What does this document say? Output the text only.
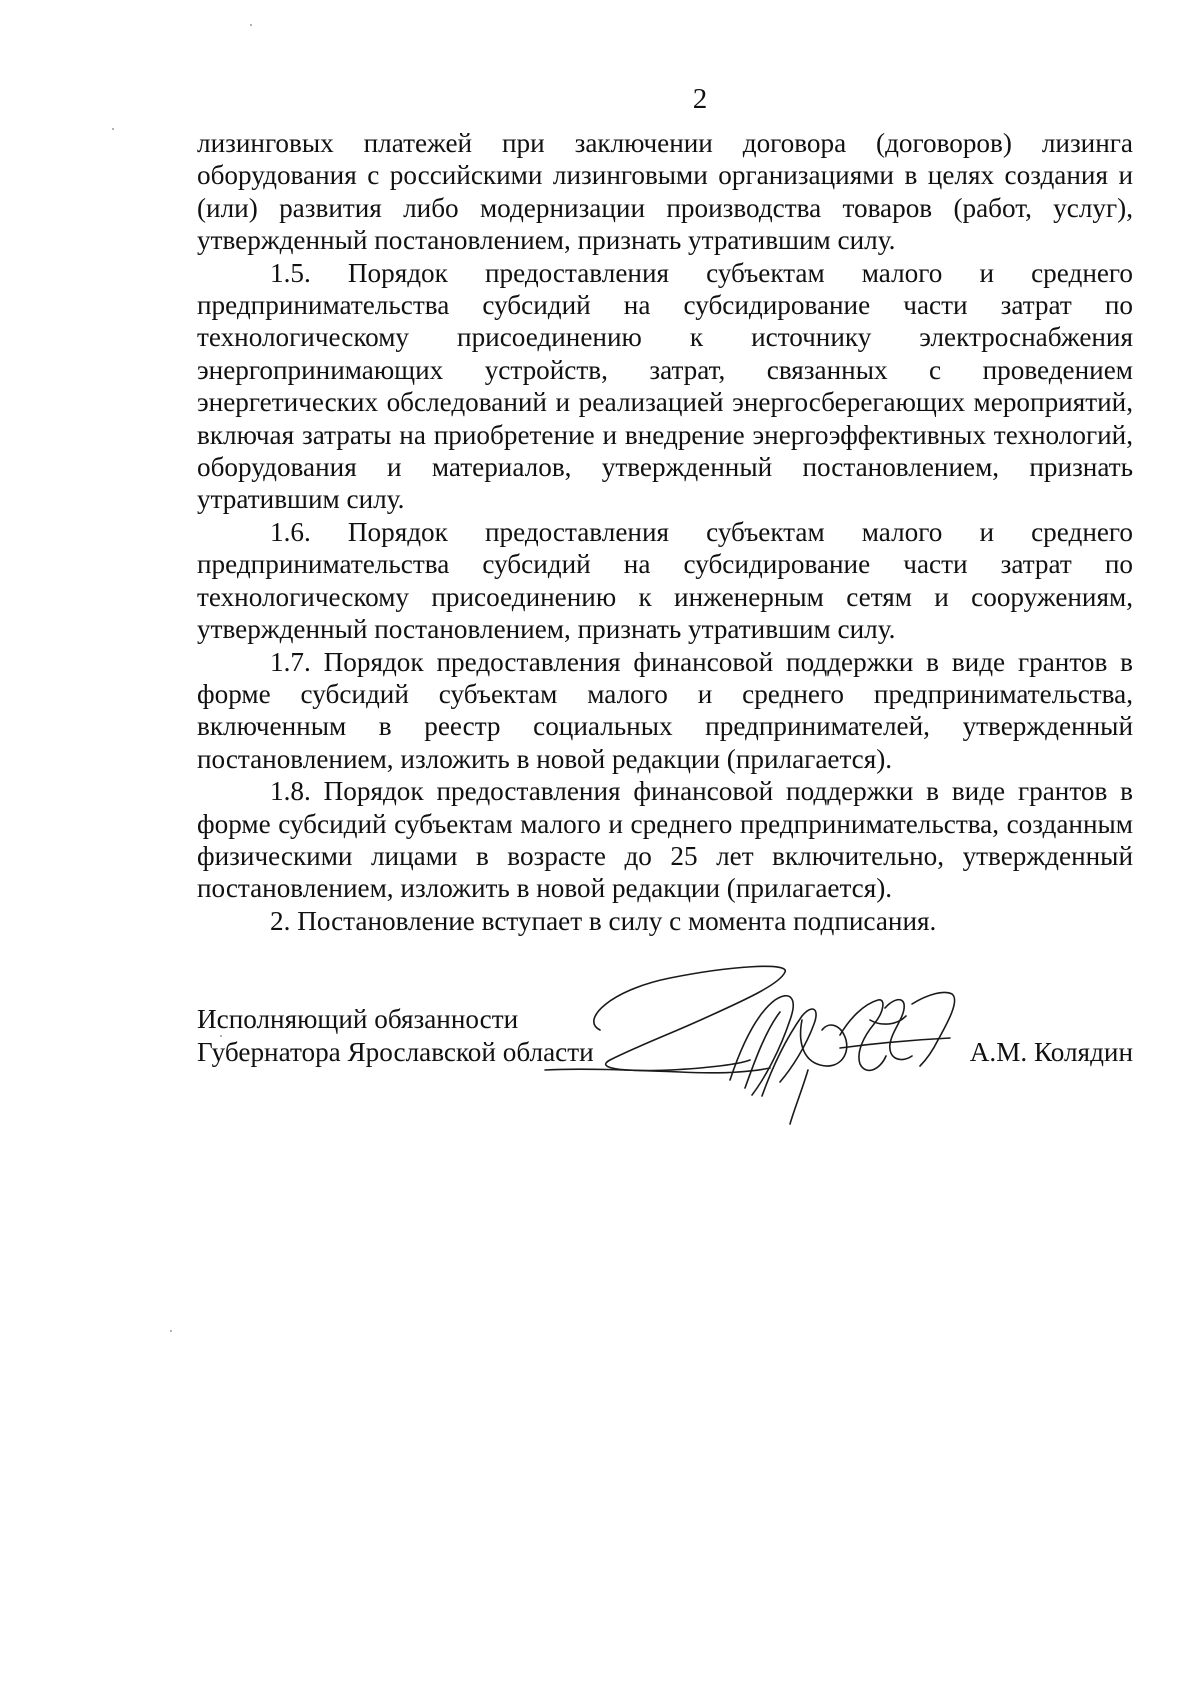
2

лизинговых платежей при заключении договора (договоров) лизинга оборудования с российскими лизинговыми организациями в целях создания и (или) развития либо модернизации производства товаров (работ, услуг), утвержденный постановлением, признать утратившим силу.

1.5. Порядок предоставления субъектам малого и среднего предпринимательства субсидий на субсидирование части затрат по технологическому присоединению к источнику электроснабжения энергопринимающих устройств, затрат, связанных с проведением энергетических обследований и реализацией энергосберегающих мероприятий, включая затраты на приобретение и внедрение энергоэффективных технологий, оборудования и материалов, утвержденный постановлением, признать утратившим силу.

1.6. Порядок предоставления субъектам малого и среднего предпринимательства субсидий на субсидирование части затрат по технологическому присоединению к инженерным сетям и сооружениям, утвержденный постановлением, признать утратившим силу.

1.7. Порядок предоставления финансовой поддержки в виде грантов в форме субсидий субъектам малого и среднего предпринимательства, включенным в реестр социальных предпринимателей, утвержденный постановлением, изложить в новой редакции (прилагается).

1.8. Порядок предоставления финансовой поддержки в виде грантов в форме субсидий субъектам малого и среднего предпринимательства, созданным физическими лицами в возрасте до 25 лет включительно, утвержденный постановлением, изложить в новой редакции (прилагается).

2. Постановление вступает в силу с момента подписания.

Исполняющий обязанности
Губернатора Ярославской области	А.М. Колядин
